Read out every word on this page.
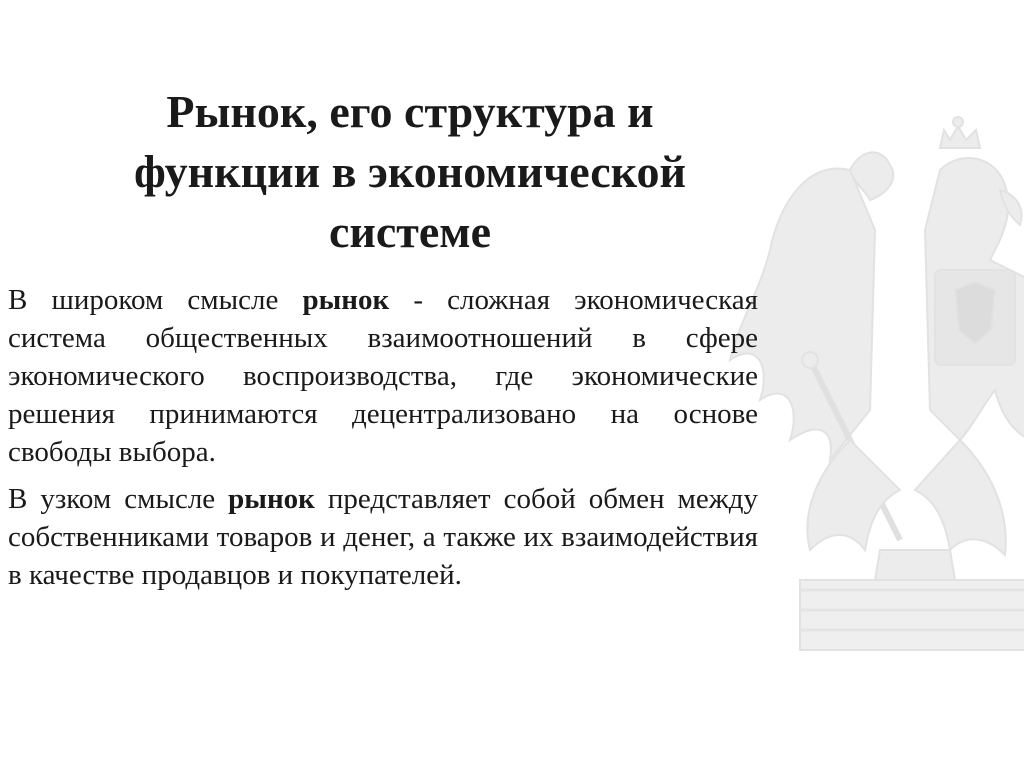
Рынок, его структура и
функции в экономической
системе

В широком смысле рынок - сложная экономическая система общественных взаимоотношений в сфере экономического воспроизводства, где экономические решения принимаются децентрализовано на основе свободы выбора.

В узком смысле рынок представляет собой обмен между собственниками товаров и денег, а также их взаимодействия в качестве продавцов и покупателей.
